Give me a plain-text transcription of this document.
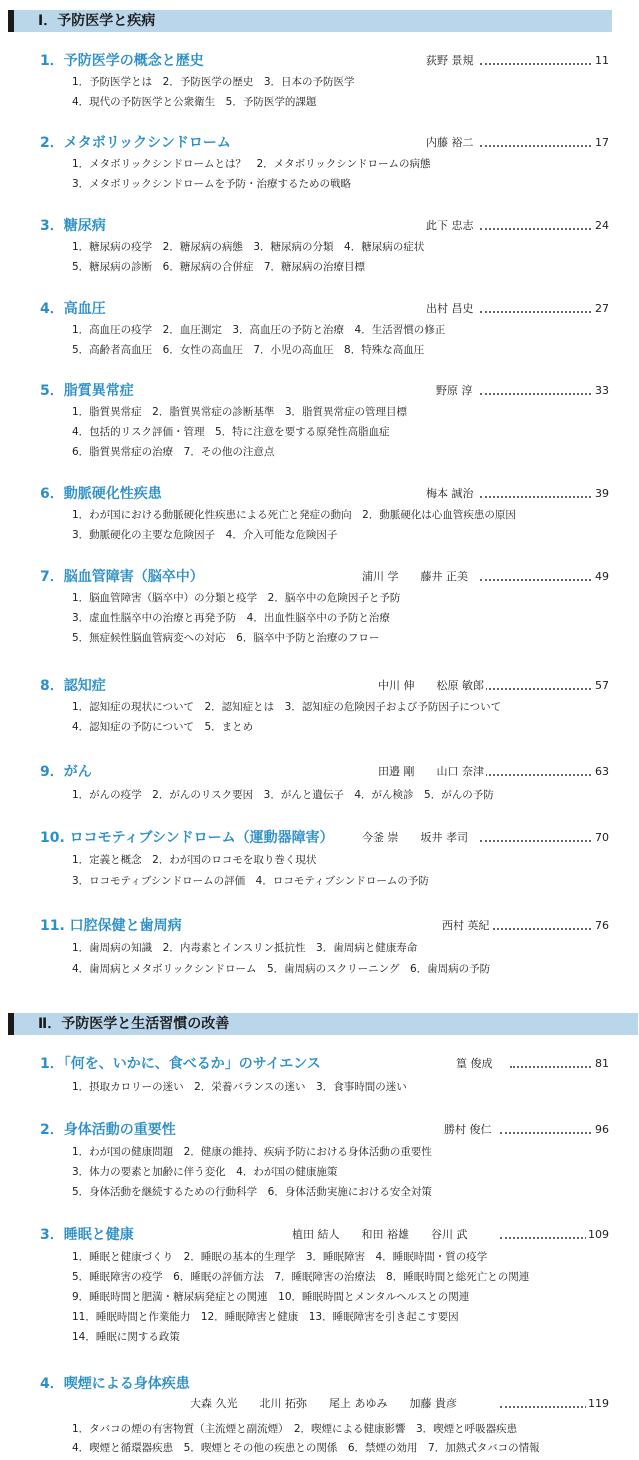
Ⅰ．予防医学と疾病
1．予防医学の概念と歴史	荻野 景規	11
1．予防医学とは　2．予防医学の歴史　3．日本の予防医学
4．現代の予防医学と公衆衛生　5．予防医学的課題
2．メタボリックシンドローム	内藤 裕二	17
1．メタボリックシンドロームとは？　2．メタボリックシンドロームの病態
3．メタボリックシンドロームを予防・治療するための戦略
3．糖尿病	此下 忠志	24
1．糖尿病の疫学　2．糖尿病の病態　3．糖尿病の分類　4．糖尿病の症状
5．糖尿病の診断　6．糖尿病の合併症　7．糖尿病の治療目標
4．高血圧	出村 昌史	27
1．高血圧の疫学　2．血圧測定　3．高血圧の予防と治療　4．生活習慣の修正
5．高齢者高血圧　6．女性の高血圧　7．小児の高血圧　8．特殊な高血圧
5．脂質異常症	野原 淳	33
1．脂質異常症　2．脂質異常症の診断基準　3．脂質異常症の管理目標
4．包括的リスク評価・管理　5．特に注意を要する原発性高脂血症
6．脂質異常症の治療　7．その他の注意点
6．動脈硬化性疾患	梅本 誠治	39
1．わが国における動脈硬化性疾患による死亡と発症の動向　2．動脈硬化は心血管疾患の原因
3．動脈硬化の主要な危険因子　4．介入可能な危険因子
7．脳血管障害（脳卒中）	浦川 学　　藤井 正美	49
1．脳血管障害（脳卒中）の分類と疫学　2．脳卒中の危険因子と予防
3．虚血性脳卒中の治療と再発予防　4．出血性脳卒中の予防と治療
5．無症候性脳血管病変への対応　6．脳卒中予防と治療のフロー
8．認知症	中川 伸　　松原 敏郎	57
1．認知症の現状について　2．認知症とは　3．認知症の危険因子および予防因子について
4．認知症の予防について　5．まとめ
9．がん	田邉 剛　　山口 奈津	63
1．がんの疫学　2．がんのリスク要因　3．がんと遺伝子　4．がん検診　5．がんの予防
10. ロコモティブシンドローム（運動器障害）	今釜 崇　　坂井 孝司	70
1．定義と概念　2．わが国のロコモを取り巻く現状
3．ロコモティブシンドロームの評価　4．ロコモティブシンドロームの予防
11. 口腔保健と歯周病	西村 英紀	76
1．歯周病の知識　2．内毒素とインスリン抵抗性　3．歯周病と健康寿命
4．歯周病とメタボリックシンドローム　5．歯周病のスクリーニング　6．歯周病の予防
Ⅱ．予防医学と生活習慣の改善
1．「何を、いかに、食べるか」のサイエンス	篁 俊成	81
1．摂取カロリーの迷い　2．栄養バランスの迷い　3．食事時間の迷い
2．身体活動の重要性	勝村 俊仁	96
1．わが国の健康問題　2．健康の維持、疾病予防における身体活動の重要性
3．体力の要素と加齢に伴う変化　4．わが国の健康施策
5．身体活動を継続するための行動科学　6．身体活動実施における安全対策
3．睡眠と健康	植田 結人　　和田 裕雄　　谷川 武	109
1．睡眠と健康づくり　2．睡眠の基本的生理学　3．睡眠障害　4．睡眠時間・質の疫学
5．睡眠障害の疫学　6．睡眠の評価方法　7．睡眠障害の治療法　8．睡眠時間と総死亡との関連
9．睡眠時間と肥満・糖尿病発症との関連　10．睡眠時間とメンタルヘルスとの関連
11．睡眠時間と作業能力　12．睡眠障害と健康　13．睡眠障害を引き起こす要因
14．睡眠に関する政策
4．喫煙による身体疾患
大森 久光　　北川 拓弥　　尾上 あゆみ　　加藤 貴彦	119
1．タバコの煙の有害物質（主流煙と副流煙）　2．喫煙による健康影響　3．喫煙と呼吸器疾患
4．喫煙と循環器疾患　5．喫煙とその他の疾患との関係　6．禁煙の効用　7．加熱式タバコの情報
